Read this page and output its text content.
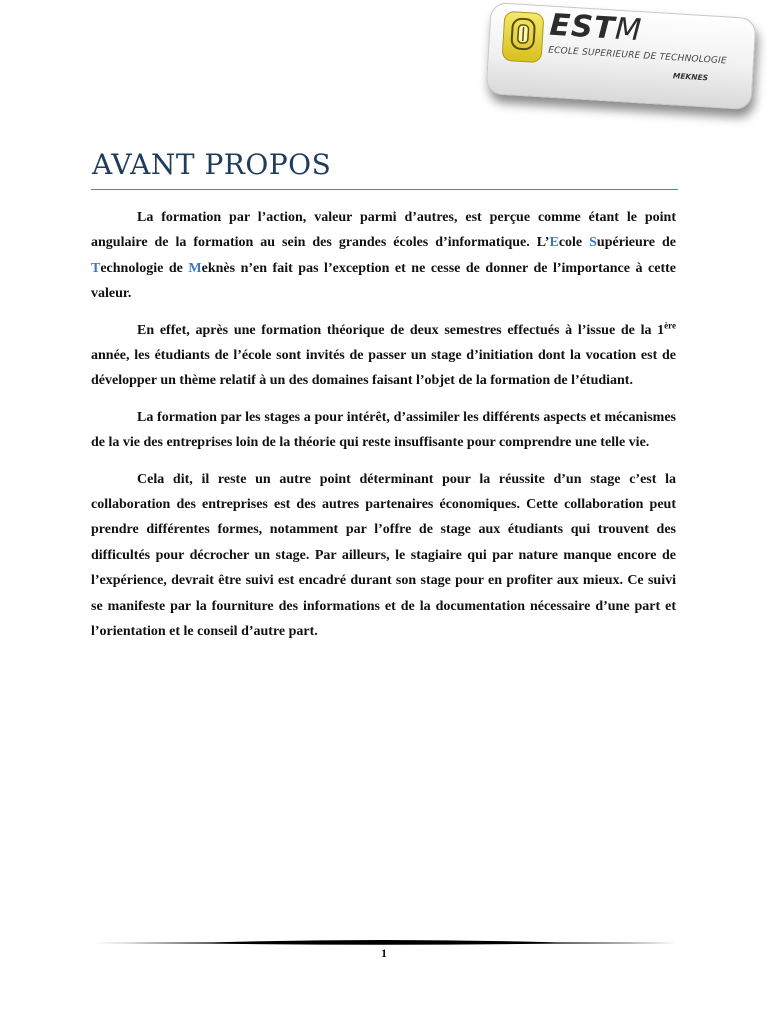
ESTM
ECOLE SUPERIEURE DE TECHNOLOGIE
MEKNES
AVANT PROPOS

La formation par l’action, valeur parmi d’autres, est perçue comme étant le point angulaire de la formation au sein des grandes écoles d’informatique. L’Ecole Supérieure de Technologie de Meknès n’en fait pas l’exception et ne cesse de donner de l’importance à cette valeur.

En effet, après une formation théorique de deux semestres effectués à l’issue de la 1ère année, les étudiants de l’école sont invités de passer un stage d’initiation dont la vocation est de développer un thème relatif à un des domaines faisant l’objet de la formation de l’étudiant.

La formation par les stages a pour intérêt, d’assimiler les différents aspects et mécanismes de la vie des entreprises loin de la théorie qui reste insuffisante pour comprendre une telle vie.

Cela dit, il reste un autre point déterminant pour la réussite d’un stage c’est la collaboration des entreprises est des autres partenaires économiques. Cette collaboration peut prendre différentes formes, notamment par l’offre de stage aux étudiants qui trouvent des difficultés pour décrocher un stage. Par ailleurs, le stagiaire qui par nature manque encore de l’expérience, devrait être suivi est encadré durant son stage pour en profiter aux mieux. Ce suivi se manifeste par la fourniture des informations et de la documentation nécessaire d’une part et l’orientation et le conseil d’autre part.

1
